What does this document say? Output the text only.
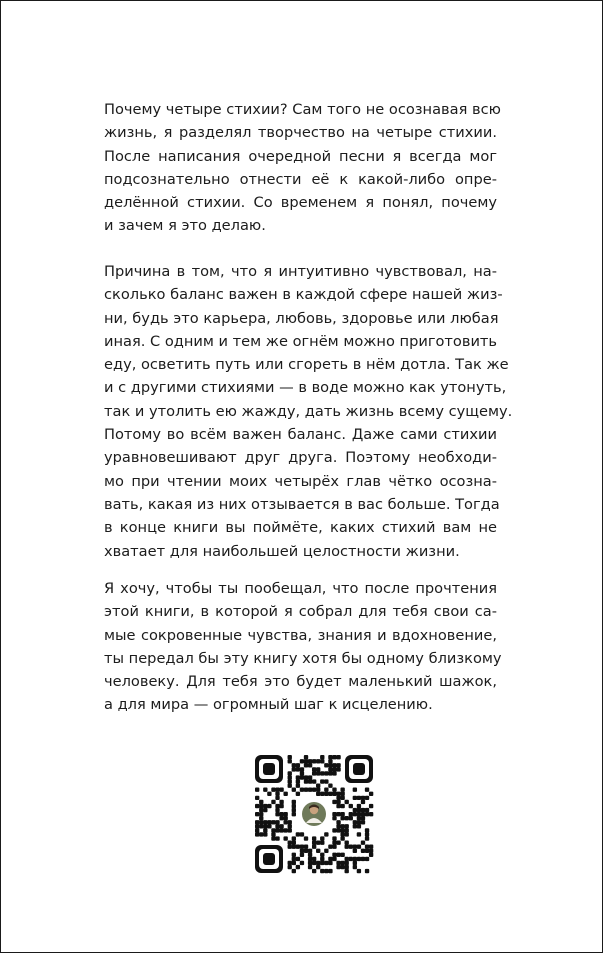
Почему четыре стихии? Сам того не осознавая всю
жизнь, я разделял творчество на четыре стихии.
После написания очередной песни я всегда мог
подсознательно отнести её к какой-либо опре-
делённой стихии. Со временем я понял, почему
и зачем я это делаю.
Причина в том, что я интуитивно чувствовал, на-
сколько баланс важен в каждой сфере нашей жиз-
ни, будь это карьера, любовь, здоровье или любая
иная. С одним и тем же огнём можно приготовить
еду, осветить путь или сгореть в нём дотла. Так же
и с другими стихиями — в воде можно как утонуть,
так и утолить ею жажду, дать жизнь всему сущему.
Потому во всём важен баланс. Даже сами стихии
уравновешивают друг друга. Поэтому необходи-
мо при чтении моих четырёх глав чётко осозна-
вать, какая из них отзывается в вас больше. Тогда
в конце книги вы поймёте, каких стихий вам не
хватает для наибольшей целостности жизни.
Я хочу, чтобы ты пообещал, что после прочтения
этой книги, в которой я собрал для тебя свои са-
мые сокровенные чувства, знания и вдохновение,
ты передал бы эту книгу хотя бы одному близкому
человеку. Для тебя это будет маленький шажок,
а для мира — огромный шаг к исцелению.
